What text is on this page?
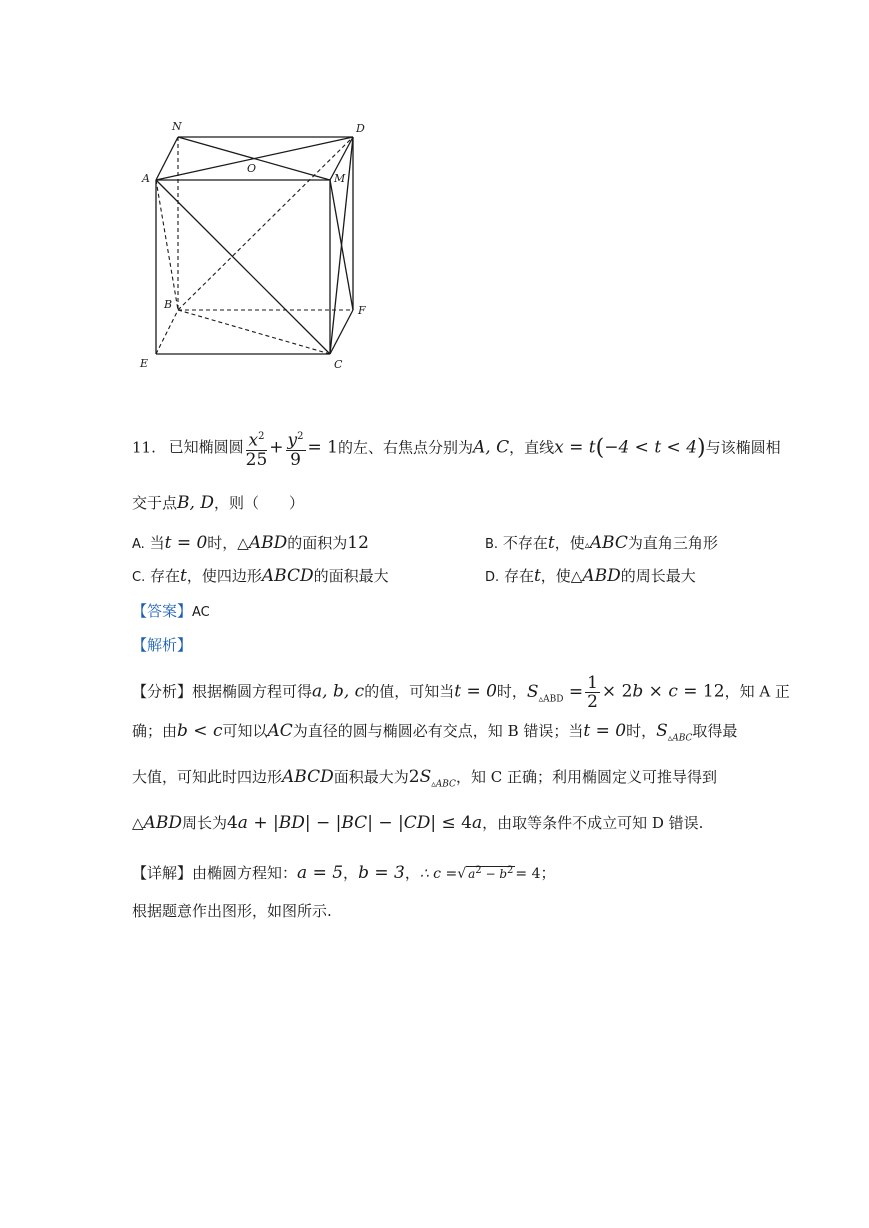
N	D
A
O
M
B	F
E	C
11. 已知椭圆圆 $\frac{x^2}{25} + \frac{y^2}{9} = 1$的左、右焦点分别为A, C，直线x = t(−4 < t < 4)与该椭圆相
交于点B, D，则（　　）
A. 当t = 0时，△ABD的面积为12	B. 不存在t，使▵ABC为直角三角形
C. 存在t，使四边形ABCD的面积最大	D. 存在t，使△ABD的周长最大
【答案】AC
【解析】
【分析】根据椭圆方程可得a, b, c的值，可知当t = 0时，$S_{▵ABD} = \frac{1}{2} \times 2b \times c = 12$，知 A 正
确；由b < c可知以AC为直径的圆与椭圆必有交点，知 B 错误；当t = 0时，$S_{▵ABC}$取得最
大值，可知此时四边形ABCD面积最大为$2S_{▵ABC}$，知 C 正确；利用椭圆定义可推导得到
△ABD周长为4a + |BD| − |BC| − |CD| ≤ 4a，由取等条件不成立可知 D 错误.
【详解】由椭圆方程知：a = 5，b = 3，∴ c =√ $a^2 - b^2 = 4$；
根据题意作出图形，如图所示.
